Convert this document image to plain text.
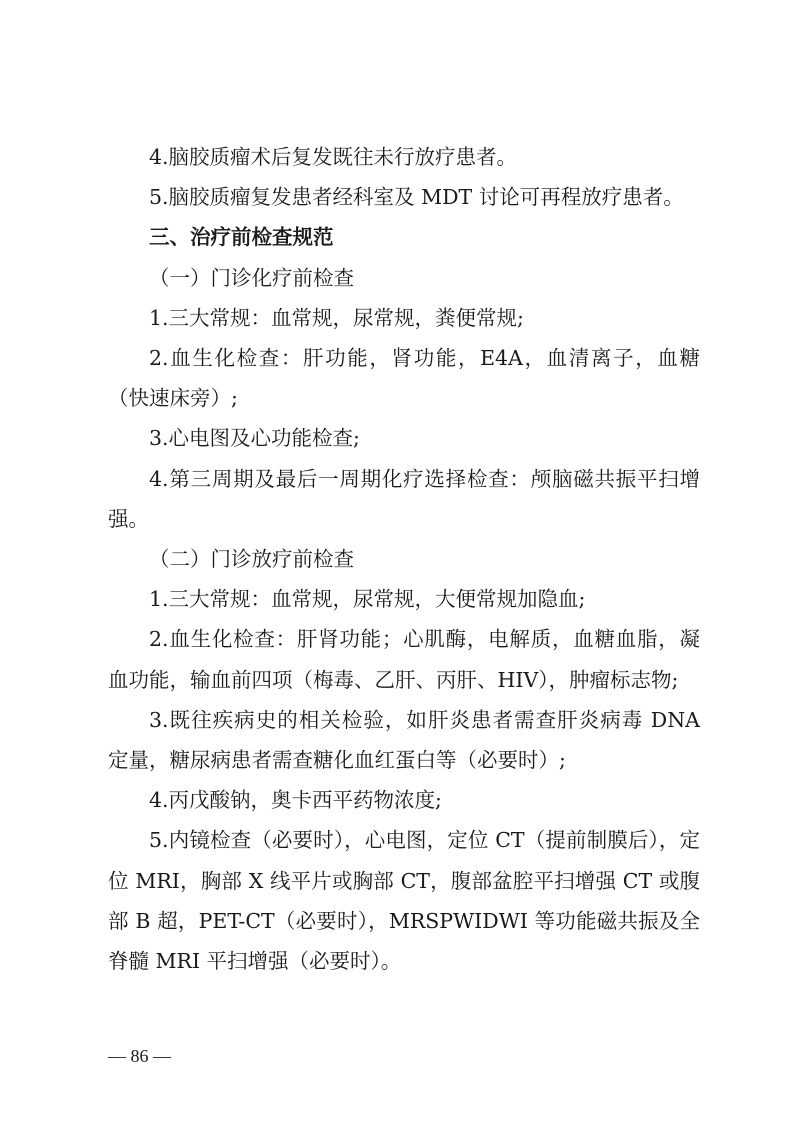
4.脑胶质瘤术后复发既往未行放疗患者。

5.脑胶质瘤复发患者经科室及 MDT 讨论可再程放疗患者。

三、治疗前检查规范

（一）门诊化疗前检查

1.三大常规：血常规，尿常规，粪便常规;

2.血生化检查：肝功能，肾功能，E4A，血清离子，血糖（快速床旁）;

3.心电图及心功能检查;

4.第三周期及最后一周期化疗选择检查：颅脑磁共振平扫增强。

（二）门诊放疗前检查

1.三大常规：血常规，尿常规，大便常规加隐血;

2.血生化检查：肝肾功能；心肌酶，电解质，血糖血脂，凝血功能，输血前四项（梅毒、乙肝、丙肝、HIV），肿瘤标志物;

3.既往疾病史的相关检验，如肝炎患者需查肝炎病毒 DNA 定量，糖尿病患者需查糖化血红蛋白等（必要时）;

4.丙戊酸钠，奥卡西平药物浓度;

5.内镜检查（必要时），心电图，定位 CT（提前制膜后），定位 MRI，胸部 X 线平片或胸部 CT，腹部盆腔平扫增强 CT 或腹部 B 超，PET-CT（必要时），MRSPWIDWI 等功能磁共振及全脊髓 MRI 平扫增强（必要时）。

— 86 —
